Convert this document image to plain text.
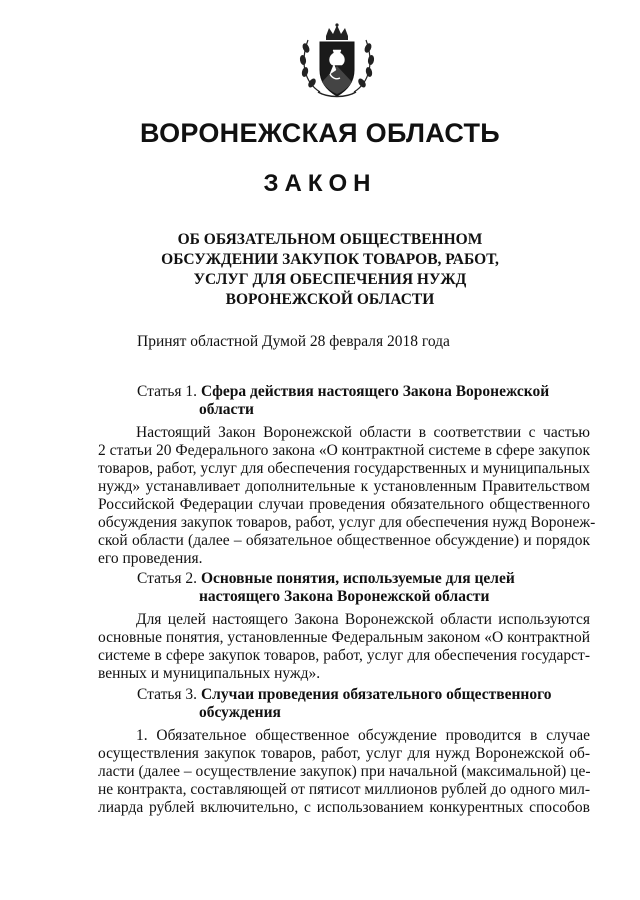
ВОРОНЕЖСКАЯ ОБЛАСТЬ
ЗАКОН
ОБ ОБЯЗАТЕЛЬНОМ ОБЩЕСТВЕННОМ
ОБСУЖДЕНИИ ЗАКУПОК ТОВАРОВ, РАБОТ,
УСЛУГ ДЛЯ ОБЕСПЕЧЕНИЯ НУЖД
ВОРОНЕЖСКОЙ ОБЛАСТИ
Принят областной Думой 28 февраля 2018 года
Статья 1. Сфера действия настоящего Закона Воронежской
области
Настоящий Закон Воронежской области в соответствии с частью
2 статьи 20 Федерального закона «О контрактной системе в сфере закупок
товаров, работ, услуг для обеспечения государственных и муниципальных
нужд» устанавливает дополнительные к установленным Правительством
Российской Федерации случаи проведения обязательного общественного
обсуждения закупок товаров, работ, услуг для обеспечения нужд Воронеж-
ской области (далее – обязательное общественное обсуждение) и порядок
его проведения.
Статья 2. Основные понятия, используемые для целей
настоящего Закона Воронежской области
Для целей настоящего Закона Воронежской области используются
основные понятия, установленные Федеральным законом «О контрактной
системе в сфере закупок товаров, работ, услуг для обеспечения государст-
венных и муниципальных нужд».
Статья 3. Случаи проведения обязательного общественного
обсуждения
1. Обязательное общественное обсуждение проводится в случае
осуществления закупок товаров, работ, услуг для нужд Воронежской об-
ласти (далее – осуществление закупок) при начальной (максимальной) це-
не контракта, составляющей от пятисот миллионов рублей до одного мил-
лиарда рублей включительно, с использованием конкурентных способов
